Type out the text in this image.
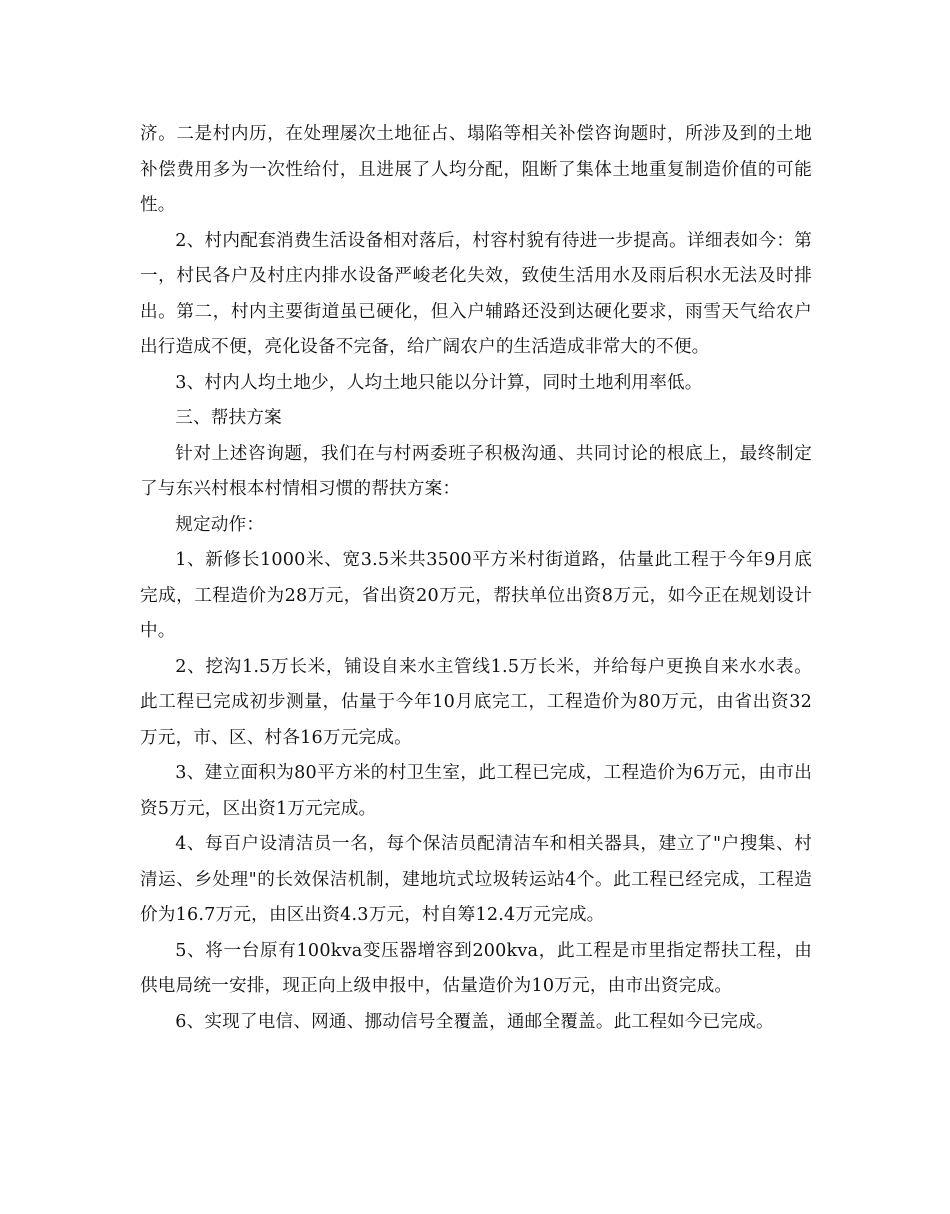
济。二是村内历，在处理屡次土地征占、塌陷等相关补偿咨询题时，所涉及到的土地补偿费用多为一次性给付，且进展了人均分配，阻断了集体土地重复制造价值的可能性。

2、村内配套消费生活设备相对落后，村容村貌有待进一步提高。详细表如今：第一，村民各户及村庄内排水设备严峻老化失效，致使生活用水及雨后积水无法及时排出。第二，村内主要街道虽已硬化，但入户辅路还没到达硬化要求，雨雪天气给农户出行造成不便，亮化设备不完备，给广阔农户的生活造成非常大的不便。

3、村内人均土地少，人均土地只能以分计算，同时土地利用率低。

三、帮扶方案

针对上述咨询题，我们在与村两委班子积极沟通、共同讨论的根底上，最终制定了与东兴村根本村情相习惯的帮扶方案：

规定动作：

1、新修长1000米、宽3.5米共3500平方米村街道路，估量此工程于今年9月底完成，工程造价为28万元，省出资20万元，帮扶单位出资8万元，如今正在规划设计中。

2、挖沟1.5万长米，铺设自来水主管线1.5万长米，并给每户更换自来水水表。此工程已完成初步测量，估量于今年10月底完工，工程造价为80万元，由省出资32万元，市、区、村各16万元完成。

3、建立面积为80平方米的村卫生室，此工程已完成，工程造价为6万元，由市出资5万元，区出资1万元完成。

4、每百户设清洁员一名，每个保洁员配清洁车和相关器具，建立了"户搜集、村清运、乡处理"的长效保洁机制，建地坑式垃圾转运站4个。此工程已经完成，工程造价为16.7万元，由区出资4.3万元，村自筹12.4万元完成。

5、将一台原有100kva变压器增容到200kva，此工程是市里指定帮扶工程，由供电局统一安排，现正向上级申报中，估量造价为10万元，由市出资完成。

6、实现了电信、网通、挪动信号全覆盖，通邮全覆盖。此工程如今已完成。
